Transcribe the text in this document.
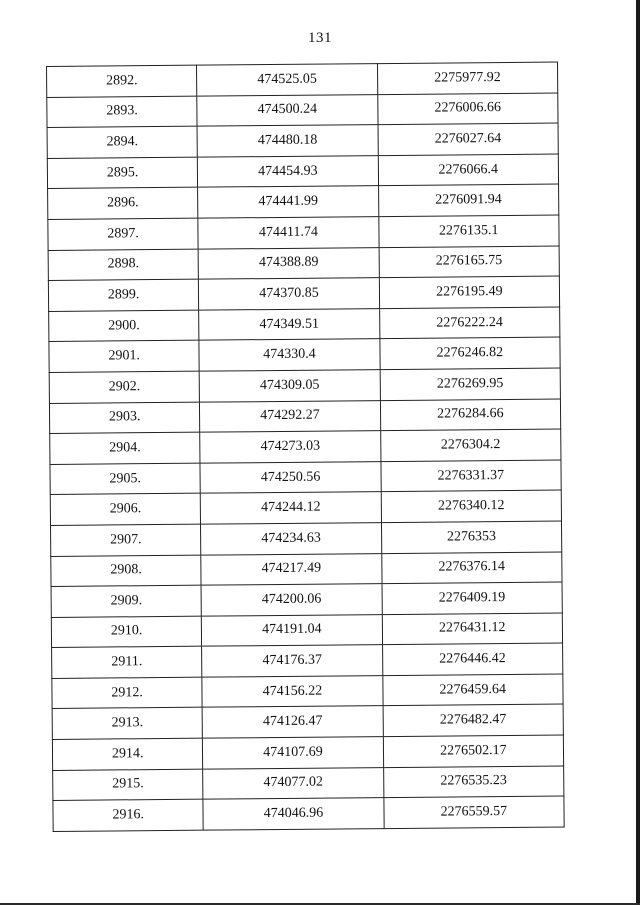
131
2892.	474525.05	2275977.92
2893.	474500.24	2276006.66
2894.	474480.18	2276027.64
2895.	474454.93	2276066.4
2896.	474441.99	2276091.94
2897.	474411.74	2276135.1
2898.	474388.89	2276165.75
2899.	474370.85	2276195.49
2900.	474349.51	2276222.24
2901.	474330.4	2276246.82
2902.	474309.05	2276269.95
2903.	474292.27	2276284.66
2904.	474273.03	2276304.2
2905.	474250.56	2276331.37
2906.	474244.12	2276340.12
2907.	474234.63	2276353
2908.	474217.49	2276376.14
2909.	474200.06	2276409.19
2910.	474191.04	2276431.12
2911.	474176.37	2276446.42
2912.	474156.22	2276459.64
2913.	474126.47	2276482.47
2914.	474107.69	2276502.17
2915.	474077.02	2276535.23
2916.	474046.96	2276559.57
